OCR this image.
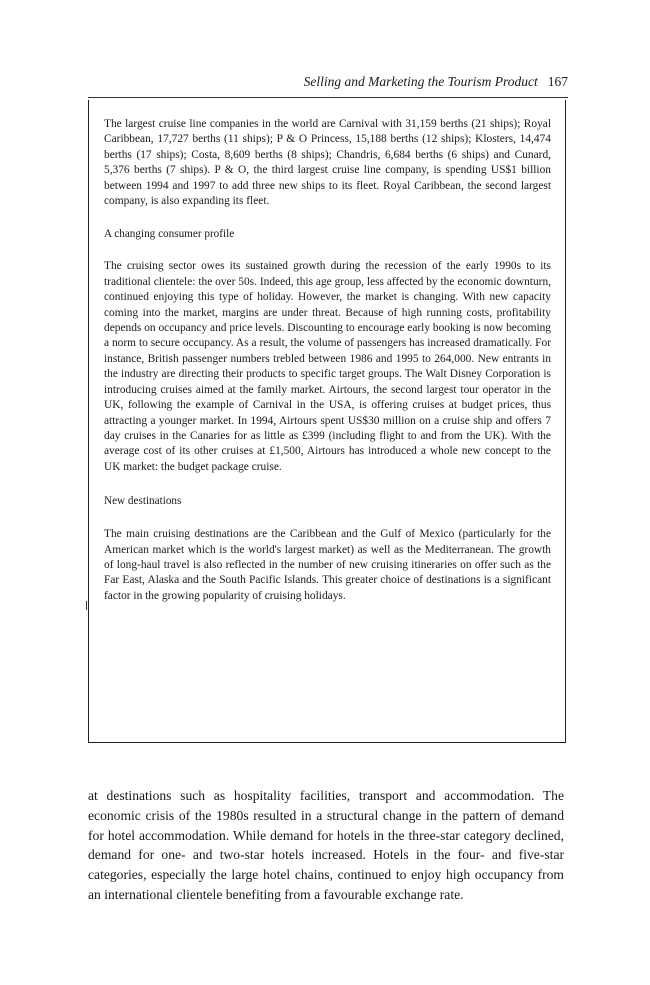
Selling and Marketing the Tourism Product 167

The largest cruise line companies in the world are Carnival with 31,159 berths (21 ships); Royal Caribbean, 17,727 berths (11 ships); P & O Princess, 15,188 berths (12 ships); Klosters, 14,474 berths (17 ships); Costa, 8,609 berths (8 ships); Chandris, 6,684 berths (6 ships) and Cunard, 5,376 berths (7 ships). P & O, the third largest cruise line company, is spending US$1 billion between 1994 and 1997 to add three new ships to its fleet. Royal Caribbean, the second largest company, is also expanding its fleet.

A changing consumer profile

The cruising sector owes its sustained growth during the recession of the early 1990s to its traditional clientele: the over 50s. Indeed, this age group, less affected by the economic downturn, continued enjoying this type of holiday. However, the market is changing. With new capacity coming into the market, margins are under threat. Because of high running costs, profitability depends on occupancy and price levels. Discounting to encourage early booking is now becoming a norm to secure occupancy. As a result, the volume of passengers has increased dramatically. For instance, British passenger numbers trebled between 1986 and 1995 to 264,000. New entrants in the industry are directing their products to specific target groups. The Walt Disney Corporation is introducing cruises aimed at the family market. Airtours, the second largest tour operator in the UK, following the example of Carnival in the USA, is offering cruises at budget prices, thus attracting a younger market. In 1994, Airtours spent US$30 million on a cruise ship and offers 7 day cruises in the Canaries for as little as £399 (including flight to and from the UK). With the average cost of its other cruises at £1,500, Airtours has introduced a whole new concept to the UK market: the budget package cruise.

New destinations

The main cruising destinations are the Caribbean and the Gulf of Mexico (particularly for the American market which is the world's largest market) as well as the Mediterranean. The growth of long-haul travel is also reflected in the number of new cruising itineraries on offer such as the Far East, Alaska and the South Pacific Islands. This greater choice of destinations is a significant factor in the growing popularity of cruising holidays.

at destinations such as hospitality facilities, transport and accommodation. The economic crisis of the 1980s resulted in a structural change in the pattern of demand for hotel accommodation. While demand for hotels in the three-star category declined, demand for one- and two-star hotels increased. Hotels in the four- and five-star categories, especially the large hotel chains, continued to enjoy high occupancy from an international clientele benefiting from a favourable exchange rate.
